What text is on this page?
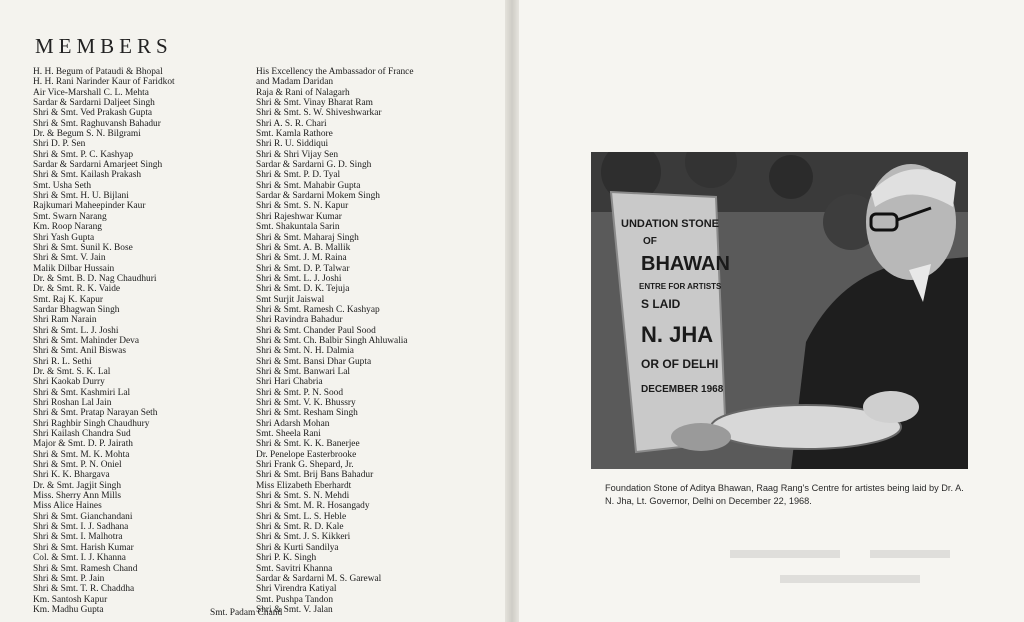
MEMBERS
H. H. Begum of Pataudi & Bhopal
H. H. Rani Narinder Kaur of Faridkot
Air Vice-Marshall C. L. Mehta
Sardar & Sardarni Daljeet Singh
Shri & Smt. Ved Prakash Gupta
Shri & Smt. Raghuvansh Bahadur
Dr. & Begum S. N. Bilgrami
Shri D. P. Sen
Shri & Smt. P. C. Kashyap
Sardar & Sardarni Amarjeet Singh
Shri & Smt. Kailash Prakash
Smt. Usha Seth
Shri & Smt. H. U. Bijlani
Rajkumari Maheepinder Kaur
Smt. Swarn Narang
Km. Roop Narang
Shri Yash Gupta
Shri & Smt. Sunil K. Bose
Shri & Smt. V. Jain
Malik Dilbar Hussain
Dr. & Smt. B. D. Nag Chaudhuri
Dr. & Smt. R. K. Vaide
Smt. Raj K. Kapur
Sardar Bhagwan Singh
Shri Ram Narain
Shri & Smt. L. J. Joshi
Shri & Smt. Mahinder Deva
Shri & Smt. Anil Biswas
Shri R. L. Sethi
Dr. & Smt. S. K. Lal
Shri Kaokab Durry
Shri & Smt. Kashmiri Lal
Shri Roshan Lal Jain
Shri & Smt. Pratap Narayan Seth
Shri Raghbir Singh Chaudhury
Shri Kailash Chandra Sud
Major & Smt. D. P. Jairath
Shri & Smt. M. K. Mohta
Shri & Smt. P. N. Oniel
Shri K. K. Bhargava
Dr. & Smt. Jagjit Singh
Miss. Sherry Ann Mills
Miss Alice Haines
Shri & Smt. Gianchandani
Shri & Smt. I. J. Sadhana
Shri & Smt. I. Malhotra
Shri & Smt. Harish Kumar
Col. & Smt. I. J. Khanna
Shri & Smt. Ramesh Chand
Shri & Smt. P. Jain
Shri & Smt. T. R. Chaddha
Km. Santosh Kapur
Km. Madhu Gupta
His Excellency the Ambassador of France
and Madam Daridan
Raja & Rani of Nalagarh
Shri & Smt. Vinay Bharat Ram
Shri & Smt. S. W. Shiveshwarkar
Shri A. S. R. Chari
Smt. Kamla Rathore
Shri R. U. Siddiqui
Shri & Shri Vijay Sen
Sardar & Sardarni G. D. Singh
Shri & Smt. P. D. Tyal
Shri & Smt. Mahabir Gupta
Sardar & Sardarni Mokem Singh
Shri & Smt. S. N. Kapur
Shri Rajeshwar Kumar
Smt. Shakuntala Sarin
Shri & Smt. Maharaj Singh
Shri & Smt. A. B. Mallik
Shri & Smt. J. M. Raina
Shri & Smt. D. P. Talwar
Shri & Smt. L. J. Joshi
Shri & Smt. D. K. Tejuja
Smt Surjit Jaiswal
Shri & Smt. Ramesh C. Kashyap
Shri Ravindra Bahadur
Shri & Smt. Chander Paul Sood
Shri & Smt. Ch. Balbir Singh Ahluwalia
Shri & Smt. N. H. Dalmia
Shri & Smt. Bansi Dhar Gupta
Shri & Smt. Banwari Lal
Shri Hari Chabria
Shri & Smt. P. N. Sood
Shri & Smt. V. K. Bhussry
Shri & Smt. Resham Singh
Shri Adarsh Mohan
Smt. Sheela Rani
Shri & Smt. K. K. Banerjee
Dr. Penelope Easterbrooke
Shri Frank G. Shepard, Jr.
Shri & Smt. Brij Bans Bahadur
Miss Elizabeth Eberhardt
Shri & Smt. S. N. Mehdi
Shri & Smt. M. R. Hosangady
Shri & Smt. L. S. Heble
Shri & Smt. R. D. Kale
Shri & Smt. J. S. Kikkeri
Shri & Kurti Sandilya
Shri P. K. Singh
Smt. Savitri Khanna
Sardar & Sardarni M. S. Garewal
Shri Virendra Katiyal
Smt. Pushpa Tandon
Shri & Smt. V. Jalan
Smt. Padam Chand
UNDATION STONE
OF
BHAWAN
ENTRE FOR ARTISTS
S LAID
N. JHA
OR OF DELHI
DECEMBER 1968

Foundation Stone of Aditya Bhawan, Raag Rang's Centre for artistes being laid by Dr. A. N. Jha, Lt. Governor, Delhi on December 22, 1968.
